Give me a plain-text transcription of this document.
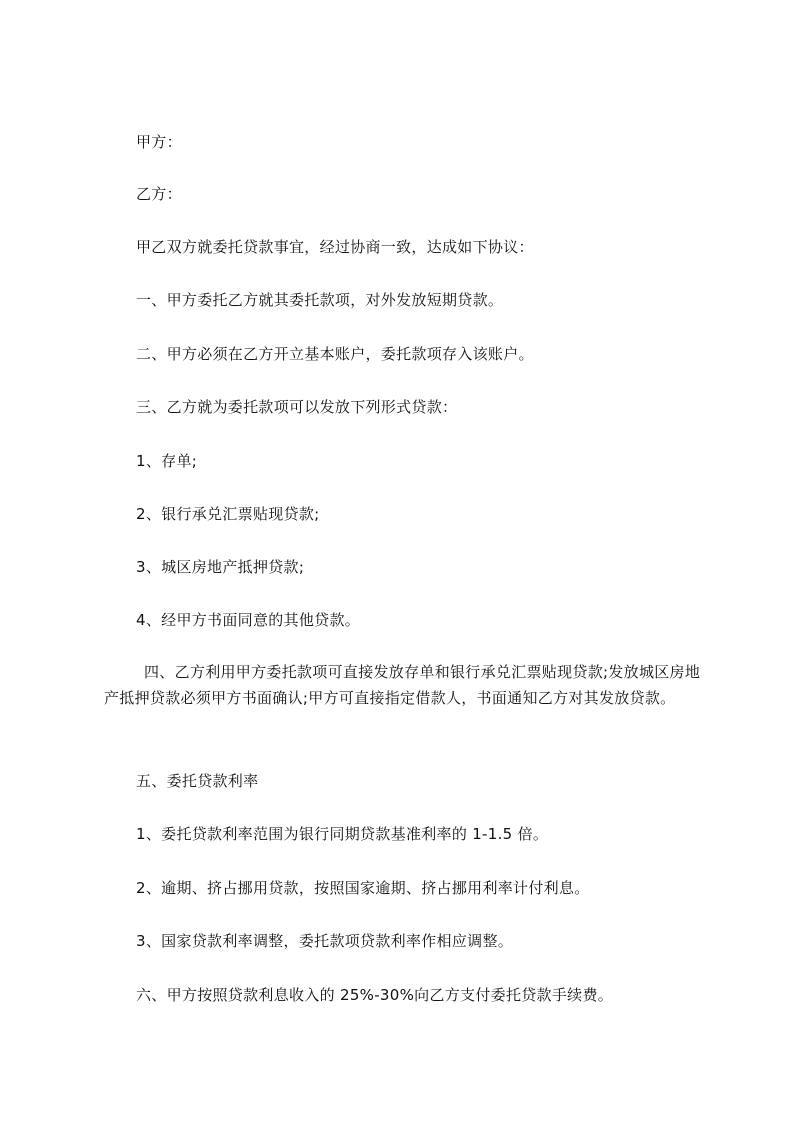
甲方：

乙方：

甲乙双方就委托贷款事宜，经过协商一致，达成如下协议：

一、甲方委托乙方就其委托款项，对外发放短期贷款。

二、甲方必须在乙方开立基本账户，委托款项存入该账户。

三、乙方就为委托款项可以发放下列形式贷款：

1、存单;

2、银行承兑汇票贴现贷款;

3、城区房地产抵押贷款;

4、经甲方书面同意的其他贷款。

四、乙方利用甲方委托款项可直接发放存单和银行承兑汇票贴现贷款;发放城区房地产抵押贷款必须甲方书面确认;甲方可直接指定借款人，书面通知乙方对其发放贷款。

五、委托贷款利率

1、委托贷款利率范围为银行同期贷款基准利率的 1-1.5 倍。

2、逾期、挤占挪用贷款，按照国家逾期、挤占挪用利率计付利息。

3、国家贷款利率调整，委托款项贷款利率作相应调整。

六、甲方按照贷款利息收入的 25%-30%向乙方支付委托贷款手续费。
